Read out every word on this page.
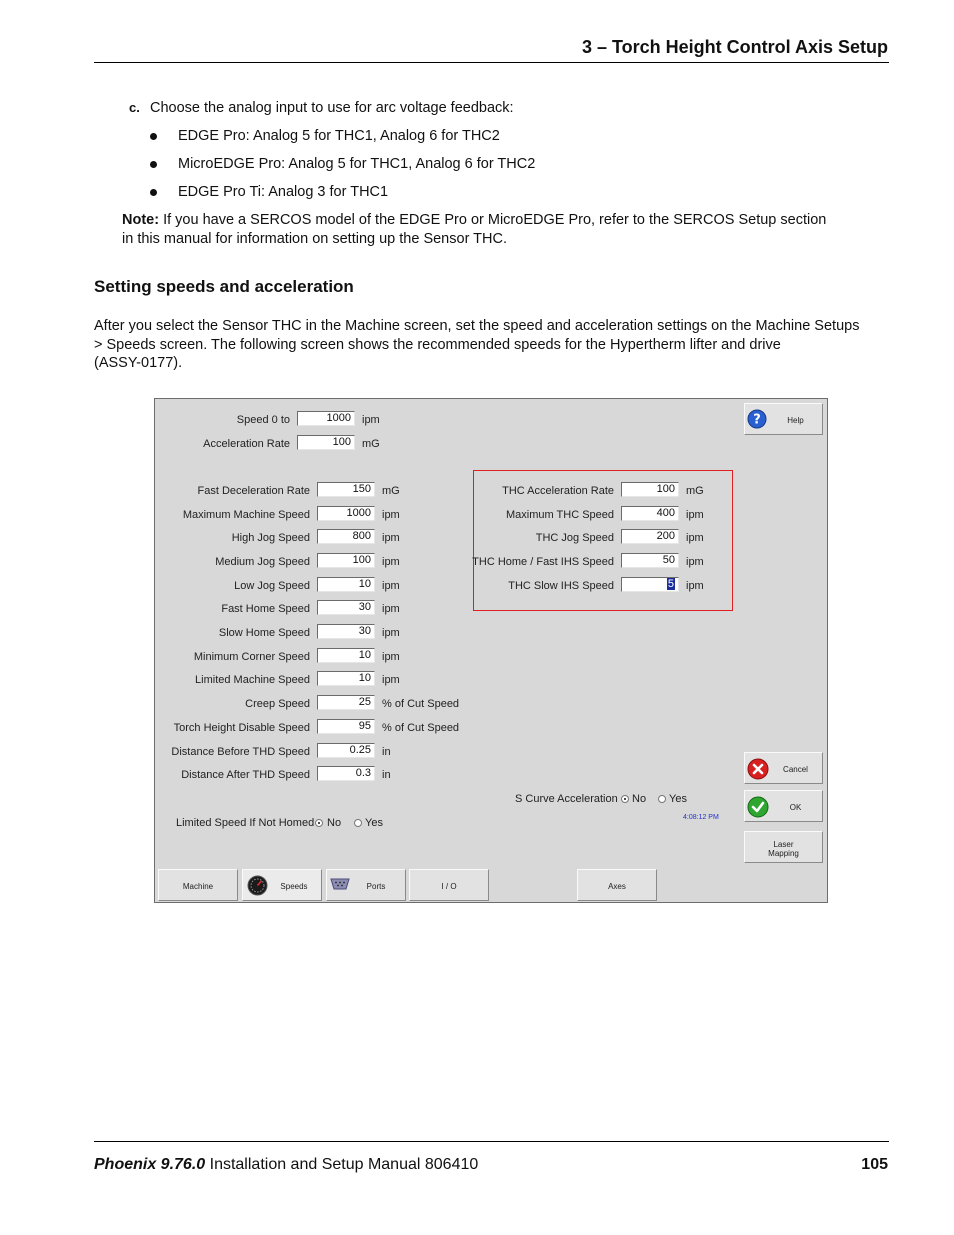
3 – Torch Height Control Axis Setup
c. Choose the analog input to use for arc voltage feedback:
EDGE Pro: Analog 5 for THC1, Analog 6 for THC2
MicroEDGE Pro: Analog 5 for THC1, Analog 6 for THC2
EDGE Pro Ti: Analog 3 for THC1
Note: If you have a SERCOS model of the EDGE Pro or MicroEDGE Pro, refer to the SERCOS Setup section
in this manual for information on setting up the Sensor THC.
Setting speeds and acceleration
After you select the Sensor THC in the Machine screen, set the speed and acceleration settings on the Machine Setups
> Speeds screen. The following screen shows the recommended speeds for the Hypertherm lifter and drive
(ASSY-0177).
Speed 0 to	1000	ipm
Acceleration Rate	100	mG
Fast Deceleration Rate	150	mG
Maximum Machine Speed	1000	ipm
High Jog Speed	800	ipm
Medium Jog Speed	100	ipm
Low Jog Speed	10	ipm
Fast Home Speed	30	ipm
Slow Home Speed	30	ipm
Minimum Corner Speed	10	ipm
Limited Machine Speed	10	ipm
Creep Speed	25	% of Cut Speed
Torch Height Disable Speed	95	% of Cut Speed
Distance Before THD Speed	0.25	in
Distance After THD Speed	0.3	in
THC Acceleration Rate	100	mG
Maximum THC Speed	400	ipm
THC Jog Speed	200	ipm
THC Home / Fast IHS Speed	50	ipm
THC Slow IHS Speed	5	ipm
S Curve Acceleration No Yes
Limited Speed If Not Homed No Yes	4:08:12 PM
?	Help
Cancel
OK
Laser
Mapping
Machine	Speeds	Ports	I / O	Axes
Phoenix 9.76.0 Installation and Setup Manual 806410	105
